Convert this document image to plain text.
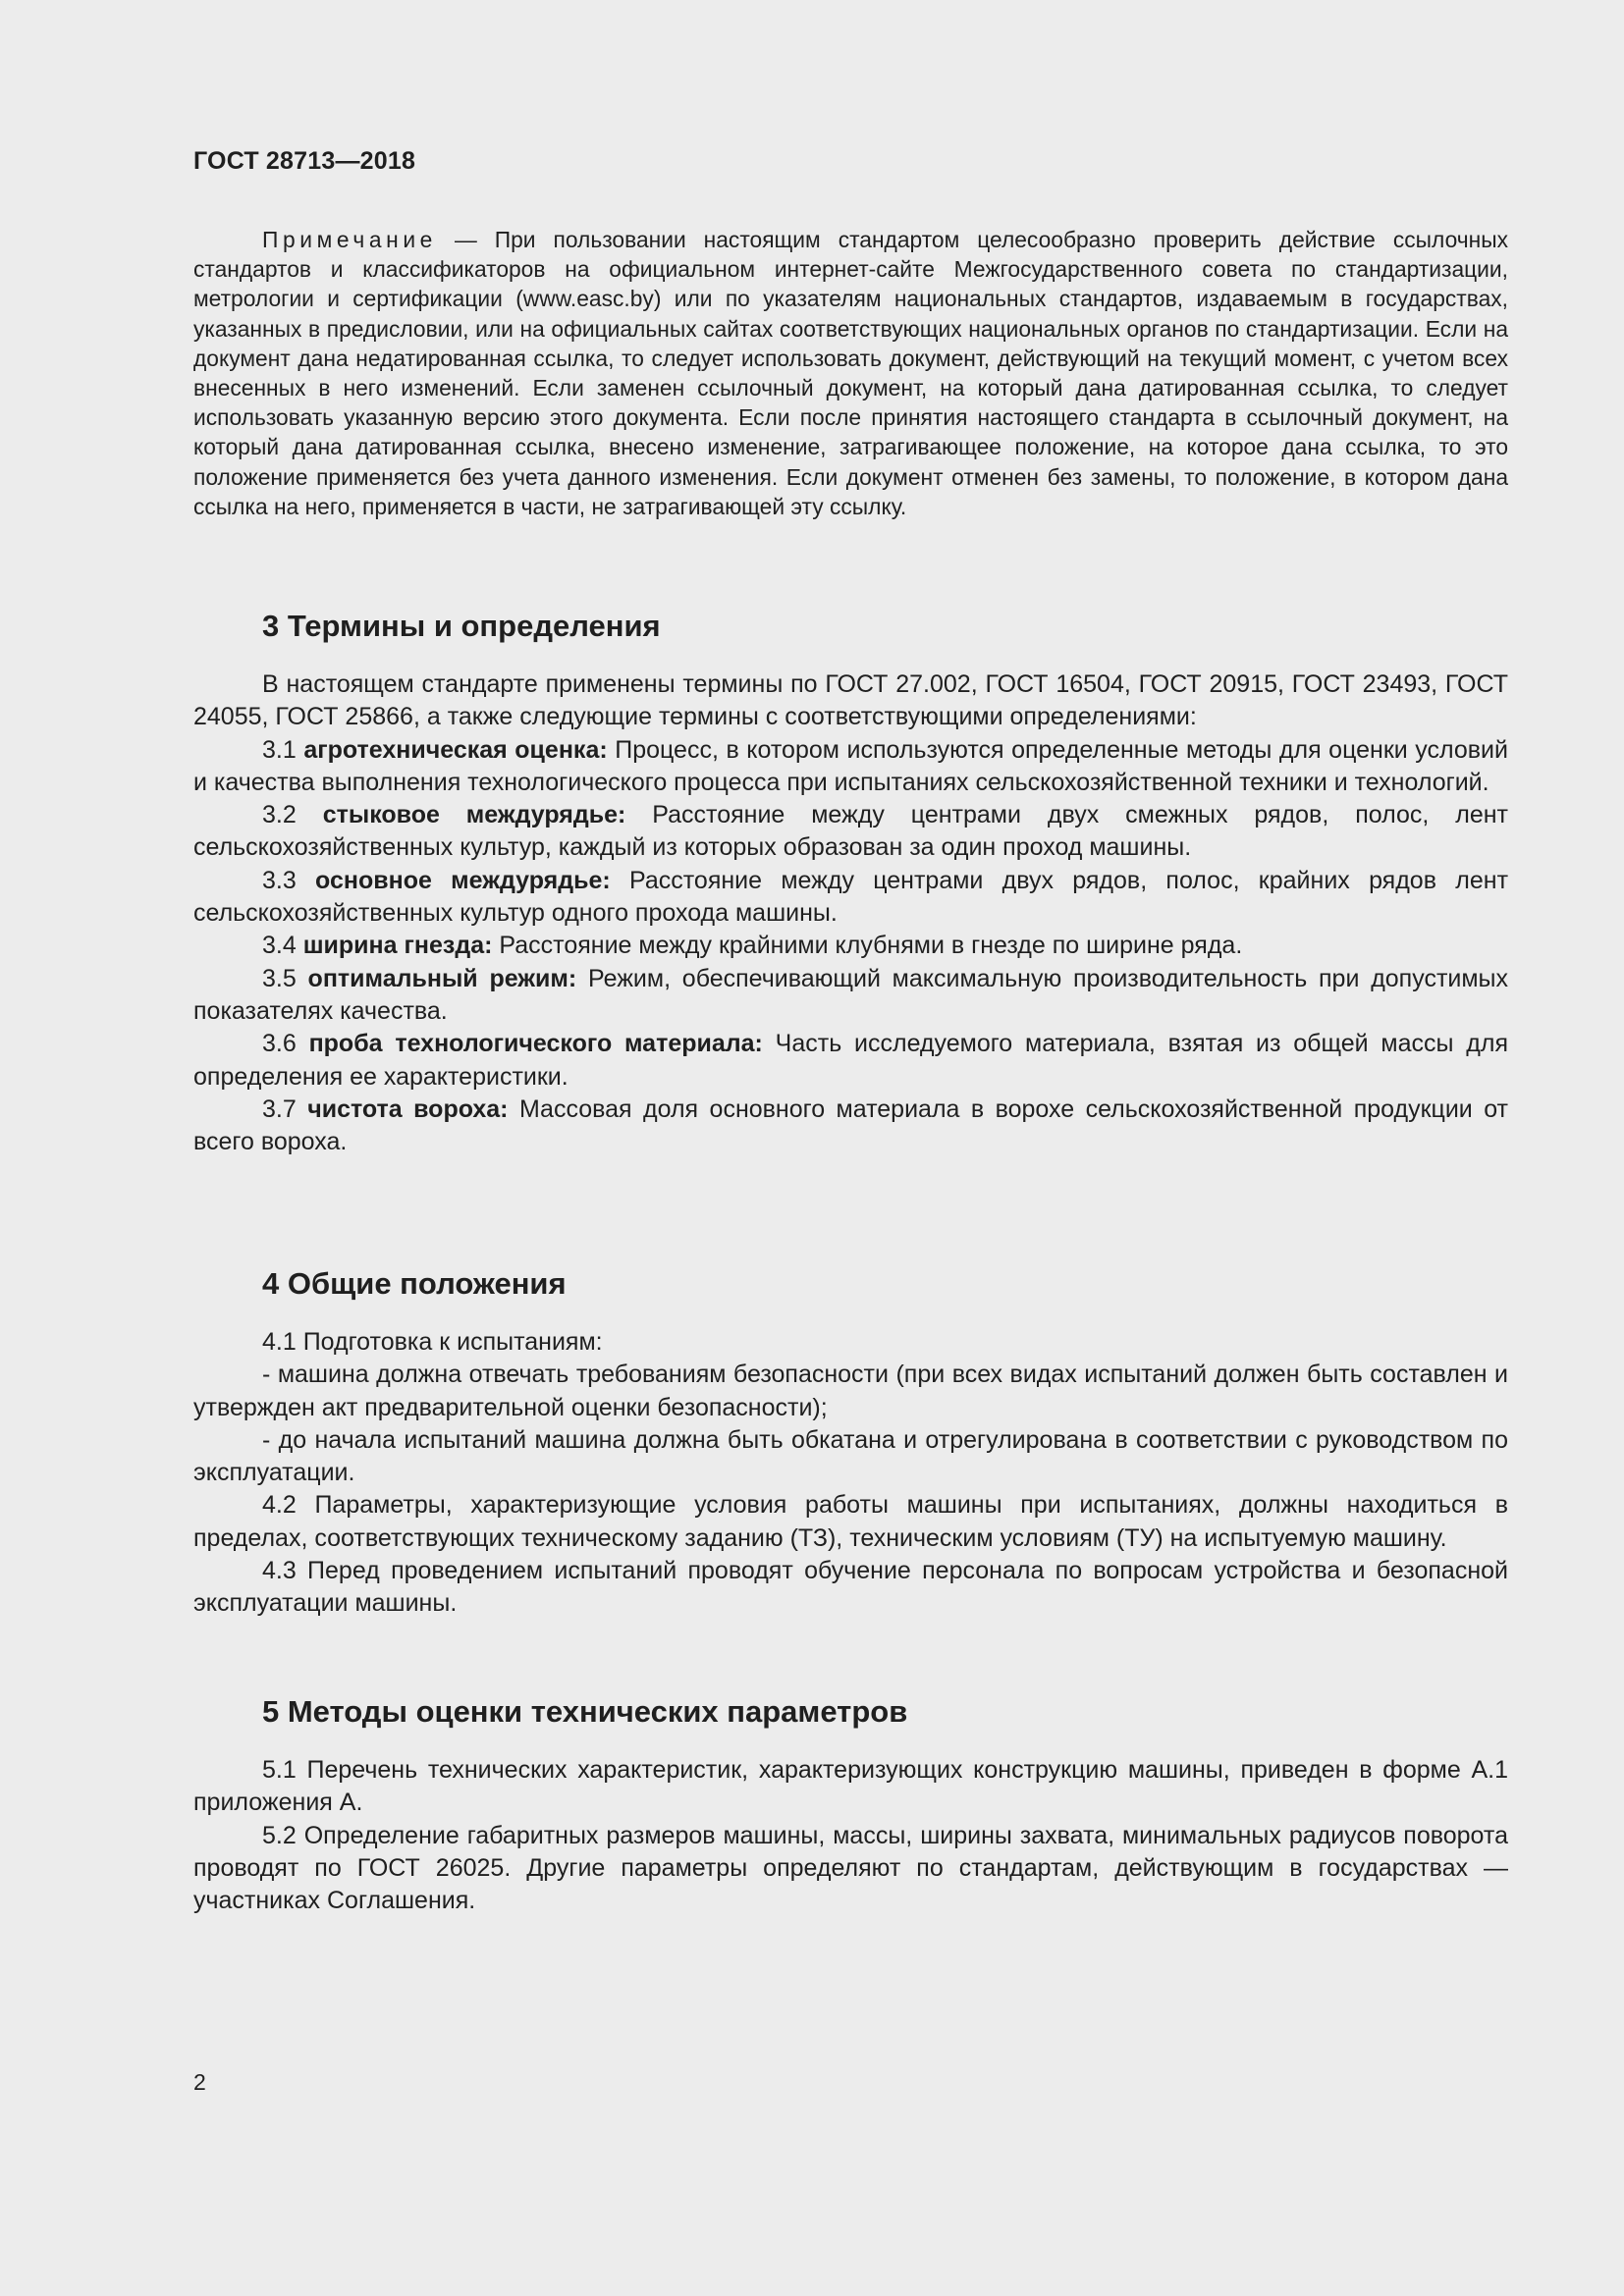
ГОСТ 28713—2018

Примечание — При пользовании настоящим стандартом целесообразно проверить действие ссылочных стандартов и классификаторов на официальном интернет-сайте Межгосударственного совета по стандартизации, метрологии и сертификации (www.easc.by) или по указателям национальных стандартов, издаваемым в государствах, указанных в предисловии, или на официальных сайтах соответствующих национальных органов по стандартизации. Если на документ дана недатированная ссылка, то следует использовать документ, действующий на текущий момент, с учетом всех внесенных в него изменений. Если заменен ссылочный документ, на который дана датированная ссылка, то следует использовать указанную версию этого документа. Если после принятия настоящего стандарта в ссылочный документ, на который дана датированная ссылка, внесено изменение, затрагивающее положение, на которое дана ссылка, то это положение применяется без учета данного изменения. Если документ отменен без замены, то положение, в котором дана ссылка на него, применяется в части, не затрагивающей эту ссылку.

3 Термины и определения

В настоящем стандарте применены термины по ГОСТ 27.002, ГОСТ 16504, ГОСТ 20915, ГОСТ 23493, ГОСТ 24055, ГОСТ 25866, а также следующие термины с соответствующими определениями:

3.1 агротехническая оценка: Процесс, в котором используются определенные методы для оценки условий и качества выполнения технологического процесса при испытаниях сельскохозяйственной техники и технологий.

3.2 стыковое междурядье: Расстояние между центрами двух смежных рядов, полос, лент сельскохозяйственных культур, каждый из которых образован за один проход машины.

3.3 основное междурядье: Расстояние между центрами двух рядов, полос, крайних рядов лент сельскохозяйственных культур одного прохода машины.

3.4 ширина гнезда: Расстояние между крайними клубнями в гнезде по ширине ряда.

3.5 оптимальный режим: Режим, обеспечивающий максимальную производительность при допустимых показателях качества.

3.6 проба технологического материала: Часть исследуемого материала, взятая из общей массы для определения ее характеристики.

3.7 чистота вороха: Массовая доля основного материала в ворохе сельскохозяйственной продукции от всего вороха.

4 Общие положения

4.1 Подготовка к испытаниям:

- машина должна отвечать требованиям безопасности (при всех видах испытаний должен быть составлен и утвержден акт предварительной оценки безопасности);

- до начала испытаний машина должна быть обкатана и отрегулирована в соответствии с руководством по эксплуатации.

4.2 Параметры, характеризующие условия работы машины при испытаниях, должны находиться в пределах, соответствующих техническому заданию (ТЗ), техническим условиям (ТУ) на испытуемую машину.

4.3 Перед проведением испытаний проводят обучение персонала по вопросам устройства и безопасной эксплуатации машины.

5 Методы оценки технических параметров

5.1 Перечень технических характеристик, характеризующих конструкцию машины, приведен в форме А.1 приложения А.

5.2 Определение габаритных размеров машины, массы, ширины захвата, минимальных радиусов поворота проводят по ГОСТ 26025. Другие параметры определяют по стандартам, действующим в государствах — участниках Соглашения.

2
